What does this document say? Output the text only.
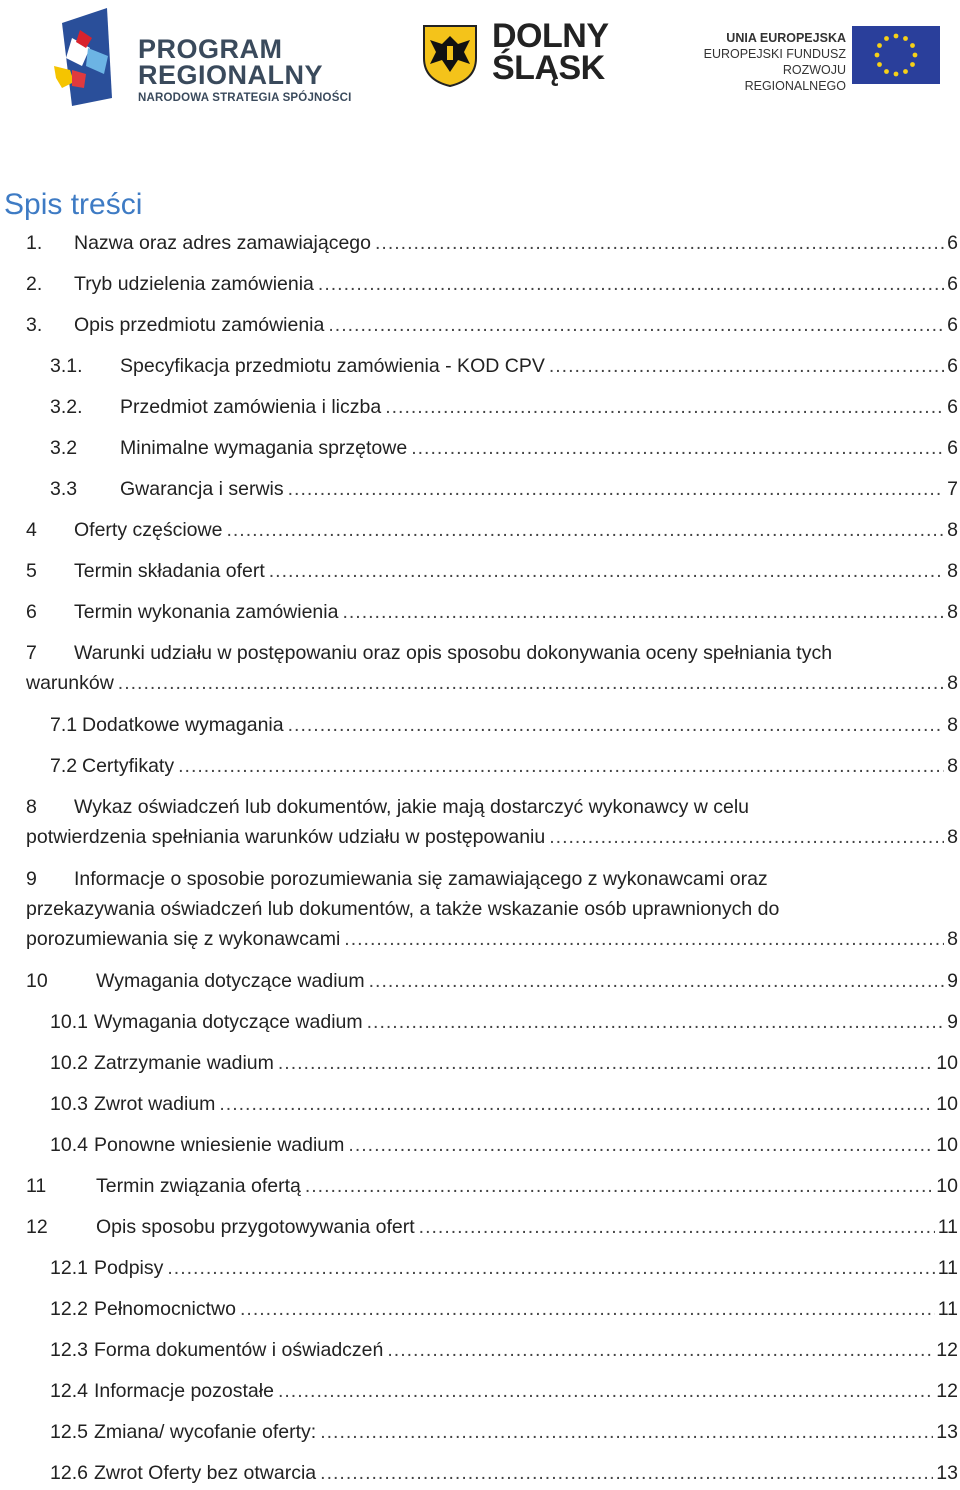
PROGRAM
REGIONALNY
NARODOWA STRATEGIA SPÓJNOŚCI
DOLNY
ŚLĄSK
UNIA EUROPEJSKA
EUROPEJSKI FUNDUSZ
ROZWOJU REGIONALNEGO
Spis treści
1. Nazwa oraz adres zamawiającego .....	6
2. Tryb udzielenia zamówienia .....	6
3. Opis przedmiotu zamówienia .....	6
3.1. Specyfikacja przedmiotu zamówienia - KOD CPV .....	6
3.2. Przedmiot zamówienia i liczba .....	6
3.2 Minimalne wymagania sprzętowe .....	6
3.3 Gwarancja i serwis .....	7
4 Oferty częściowe .....	8
5 Termin składania ofert .....	8
6 Termin wykonania zamówienia .....	8
7 Warunki udziału w postępowaniu oraz opis sposobu dokonywania oceny spełniania tych
warunków .....	8
7.1 Dodatkowe wymagania .....	8
7.2 Certyfikaty .....	8
8 Wykaz oświadczeń lub dokumentów, jakie mają dostarczyć wykonawcy w celu
potwierdzenia spełniania warunków udziału w postępowaniu .....	8
9 Informacje o sposobie porozumiewania się zamawiającego z wykonawcami oraz
przekazywania oświadczeń lub dokumentów, a także wskazanie osób uprawnionych do
porozumiewania się z wykonawcami .....	8
10 Wymagania dotyczące wadium .....	9
10.1 Wymagania dotyczące wadium .....	9
10.2 Zatrzymanie wadium .....	10
10.3 Zwrot wadium .....	10
10.4 Ponowne wniesienie wadium .....	10
11	Termin związania ofertą .....	10
12 Opis sposobu przygotowywania ofert .....	11
12.1 Podpisy .....	11
12.2 Pełnomocnictwo .....	11
12.3 Forma dokumentów i oświadczeń .....	12
12.4 Informacje pozostałe .....	12
12.5 Zmiana/ wycofanie oferty: .....	13
12.6 Zwrot Oferty bez otwarcia .....	13
